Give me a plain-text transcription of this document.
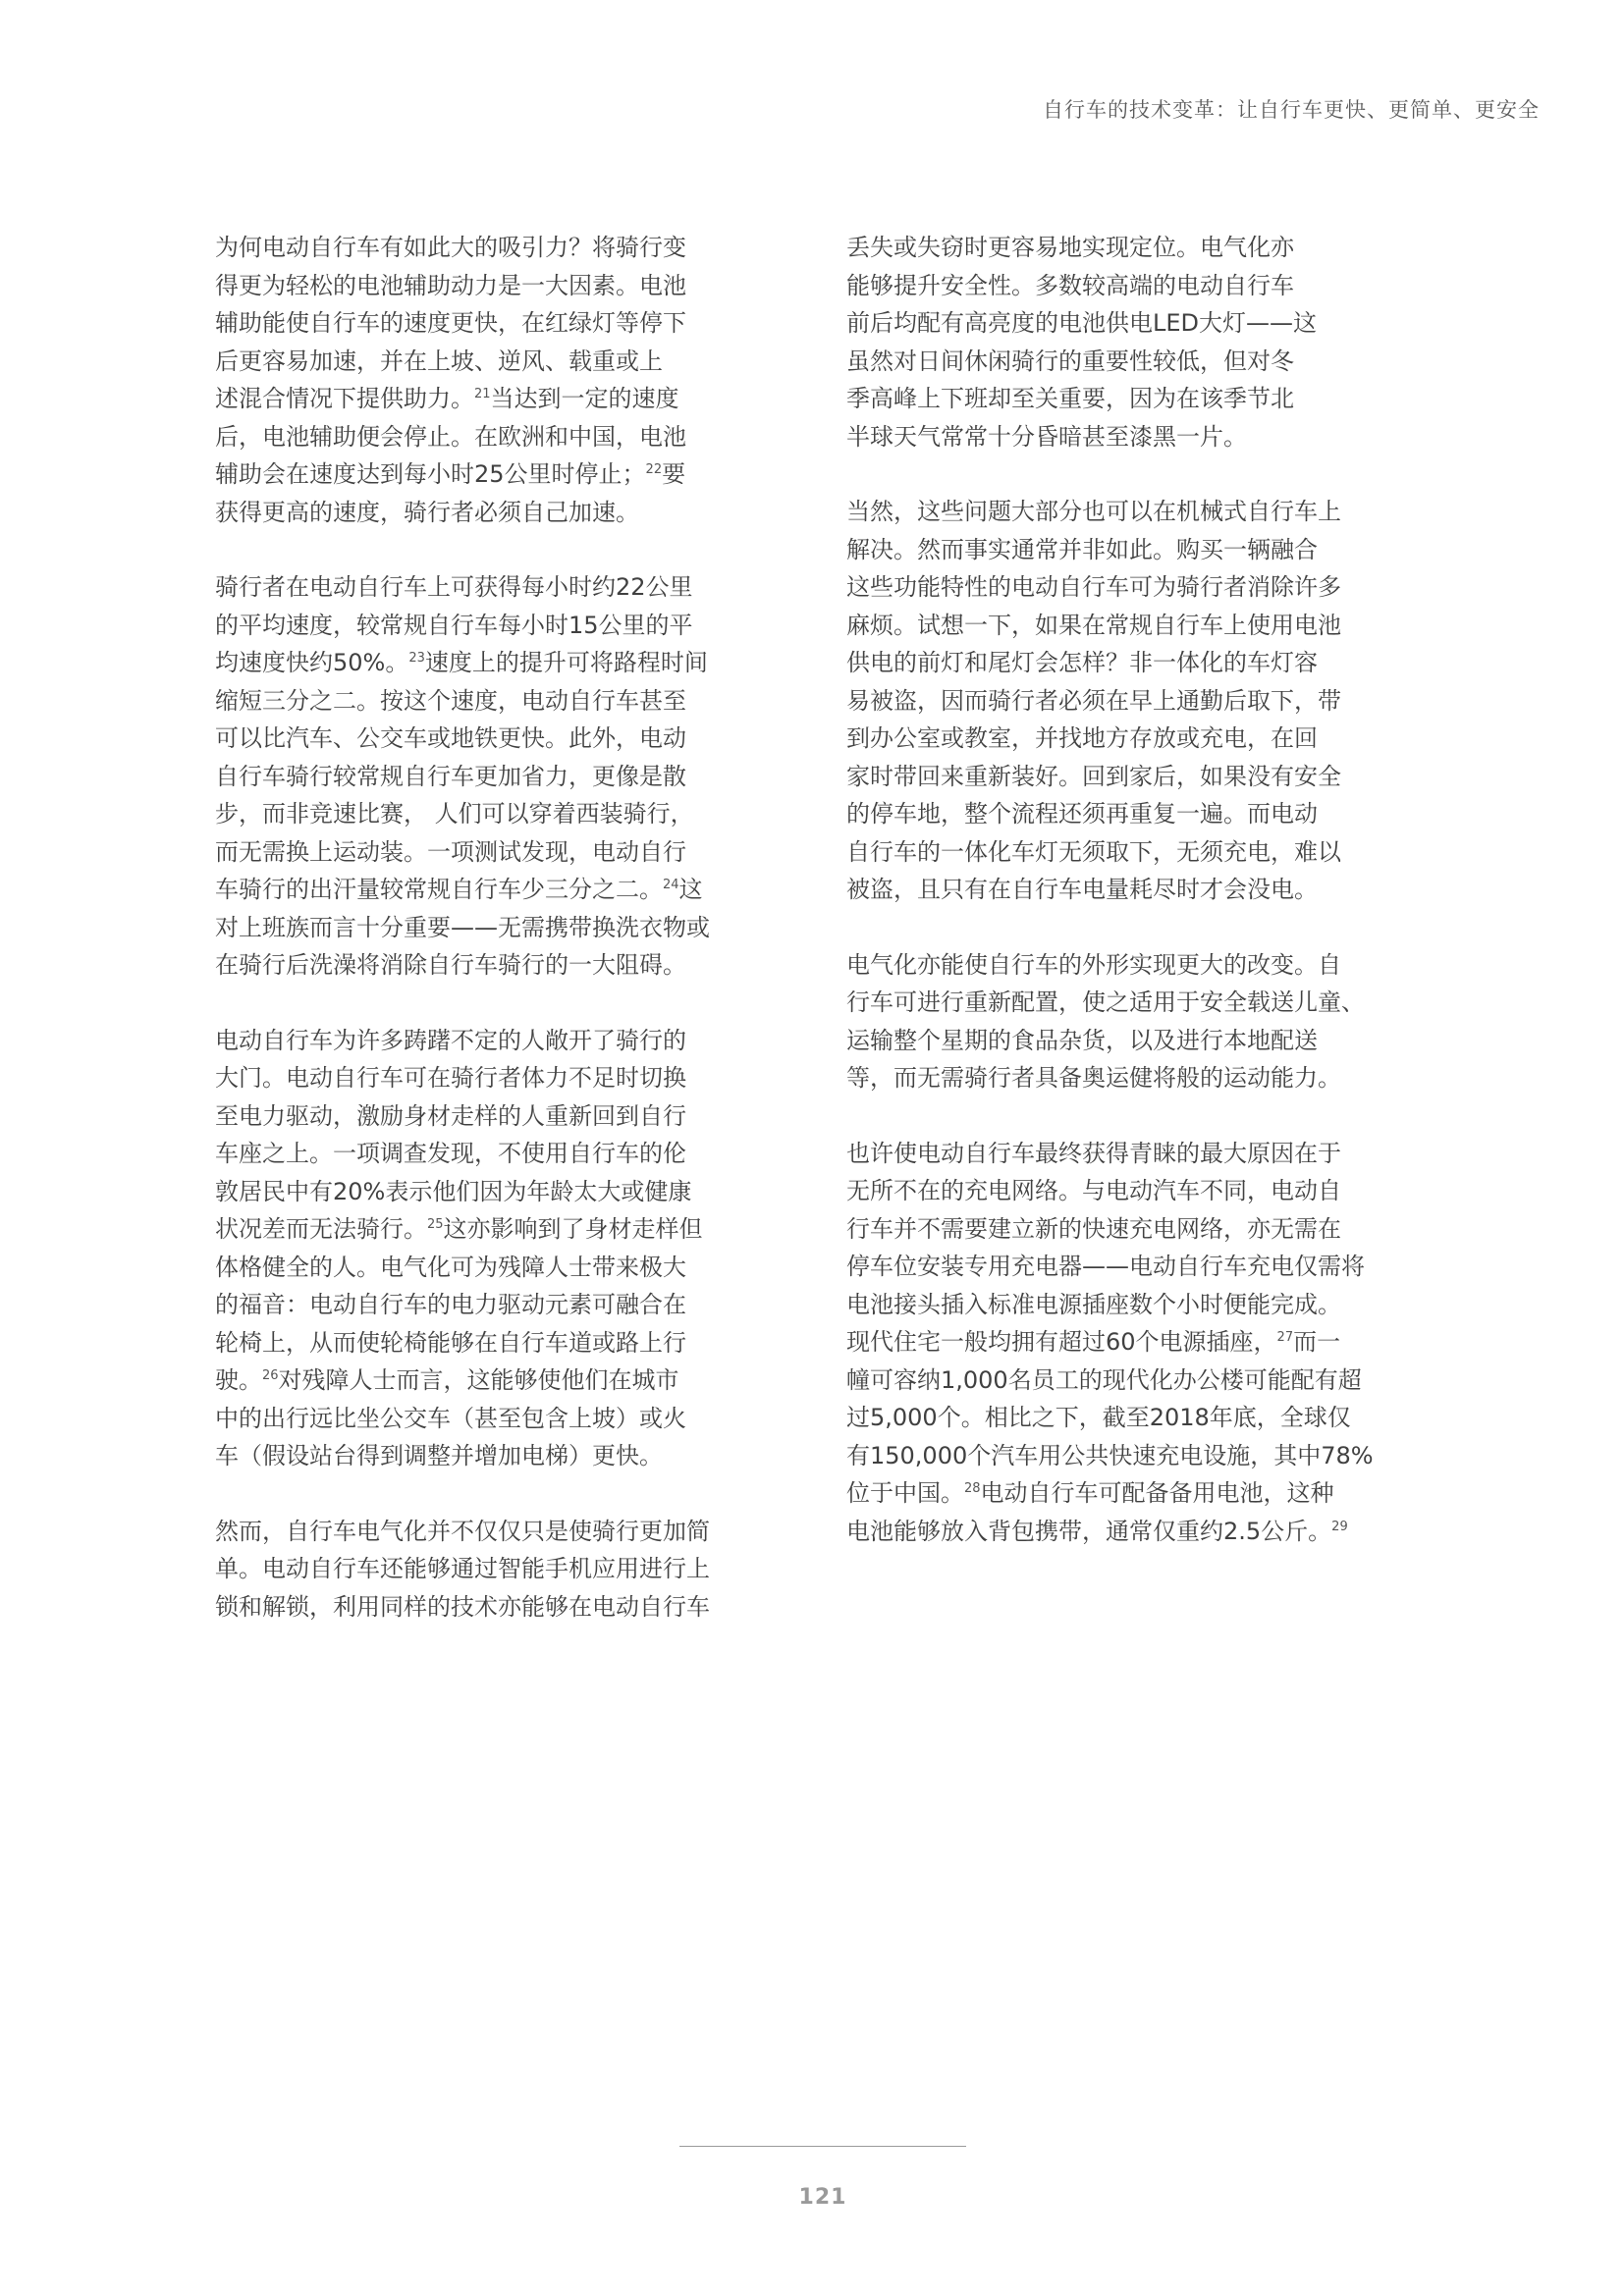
自行车的技术变革：让自行车更快、更简单、更安全
为何电动自行车有如此大的吸引力？将骑行变
得更为轻松的电池辅助动力是一大因素。电池
辅助能使自行车的速度更快，在红绿灯等停下
后更容易加速，并在上坡、逆风、载重或上
述混合情况下提供助力。$^{21}$当达到一定的速度
后，电池辅助便会停止。在欧洲和中国，电池
辅助会在速度达到每小时25公里时停止；$^{22}$要
获得更高的速度，骑行者必须自己加速。
骑行者在电动自行车上可获得每小时约22公里
的平均速度，较常规自行车每小时15公里的平
均速度快约50%。$^{23}$速度上的提升可将路程时间
缩短三分之二。按这个速度，电动自行车甚至
可以比汽车、公交车或地铁更快。此外，电动
自行车骑行较常规自行车更加省力，更像是散
步，而非竞速比赛， 人们可以穿着西装骑行，
而无需换上运动装。一项测试发现，电动自行
车骑行的出汗量较常规自行车少三分之二。$^{24}$这
对上班族而言十分重要——无需携带换洗衣物或
在骑行后洗澡将消除自行车骑行的一大阻碍。
电动自行车为许多踌躇不定的人敞开了骑行的
大门。电动自行车可在骑行者体力不足时切换
至电力驱动，激励身材走样的人重新回到自行
车座之上。一项调查发现，不使用自行车的伦
敦居民中有20%表示他们因为年龄太大或健康
状况差而无法骑行。$^{25}$这亦影响到了身材走样但
体格健全的人。电气化可为残障人士带来极大
的福音：电动自行车的电力驱动元素可融合在
轮椅上，从而使轮椅能够在自行车道或路上行
驶。$^{26}$对残障人士而言，这能够使他们在城市
中的出行远比坐公交车（甚至包含上坡）或火
车（假设站台得到调整并增加电梯）更快。
然而，自行车电气化并不仅仅只是使骑行更加简
单。电动自行车还能够通过智能手机应用进行上
锁和解锁，利用同样的技术亦能够在电动自行车
丢失或失窃时更容易地实现定位。电气化亦
能够提升安全性。多数较高端的电动自行车
前后均配有高亮度的电池供电LED大灯——这
虽然对日间休闲骑行的重要性较低，但对冬
季高峰上下班却至关重要，因为在该季节北
半球天气常常十分昏暗甚至漆黑一片。
当然，这些问题大部分也可以在机械式自行车上
解决。然而事实通常并非如此。购买一辆融合
这些功能特性的电动自行车可为骑行者消除许多
麻烦。试想一下，如果在常规自行车上使用电池
供电的前灯和尾灯会怎样？非一体化的车灯容
易被盗，因而骑行者必须在早上通勤后取下，带
到办公室或教室，并找地方存放或充电，在回
家时带回来重新装好。回到家后，如果没有安全
的停车地，整个流程还须再重复一遍。而电动
自行车的一体化车灯无须取下，无须充电，难以
被盗，且只有在自行车电量耗尽时才会没电。
电气化亦能使自行车的外形实现更大的改变。自
行车可进行重新配置，使之适用于安全载送儿童、
运输整个星期的食品杂货，以及进行本地配送
等，而无需骑行者具备奥运健将般的运动能力。
也许使电动自行车最终获得青睐的最大原因在于
无所不在的充电网络。与电动汽车不同，电动自
行车并不需要建立新的快速充电网络，亦无需在
停车位安装专用充电器——电动自行车充电仅需将
电池接头插入标准电源插座数个小时便能完成。
现代住宅一般均拥有超过60个电源插座，$^{27}$而一
幢可容纳1,000名员工的现代化办公楼可能配有超
过5,000个。相比之下，截至2018年底，全球仅
有150,000个汽车用公共快速充电设施，其中78%
位于中国。$^{28}$电动自行车可配备备用电池，这种
电池能够放入背包携带，通常仅重约2.5公斤。$^{29}$
121
